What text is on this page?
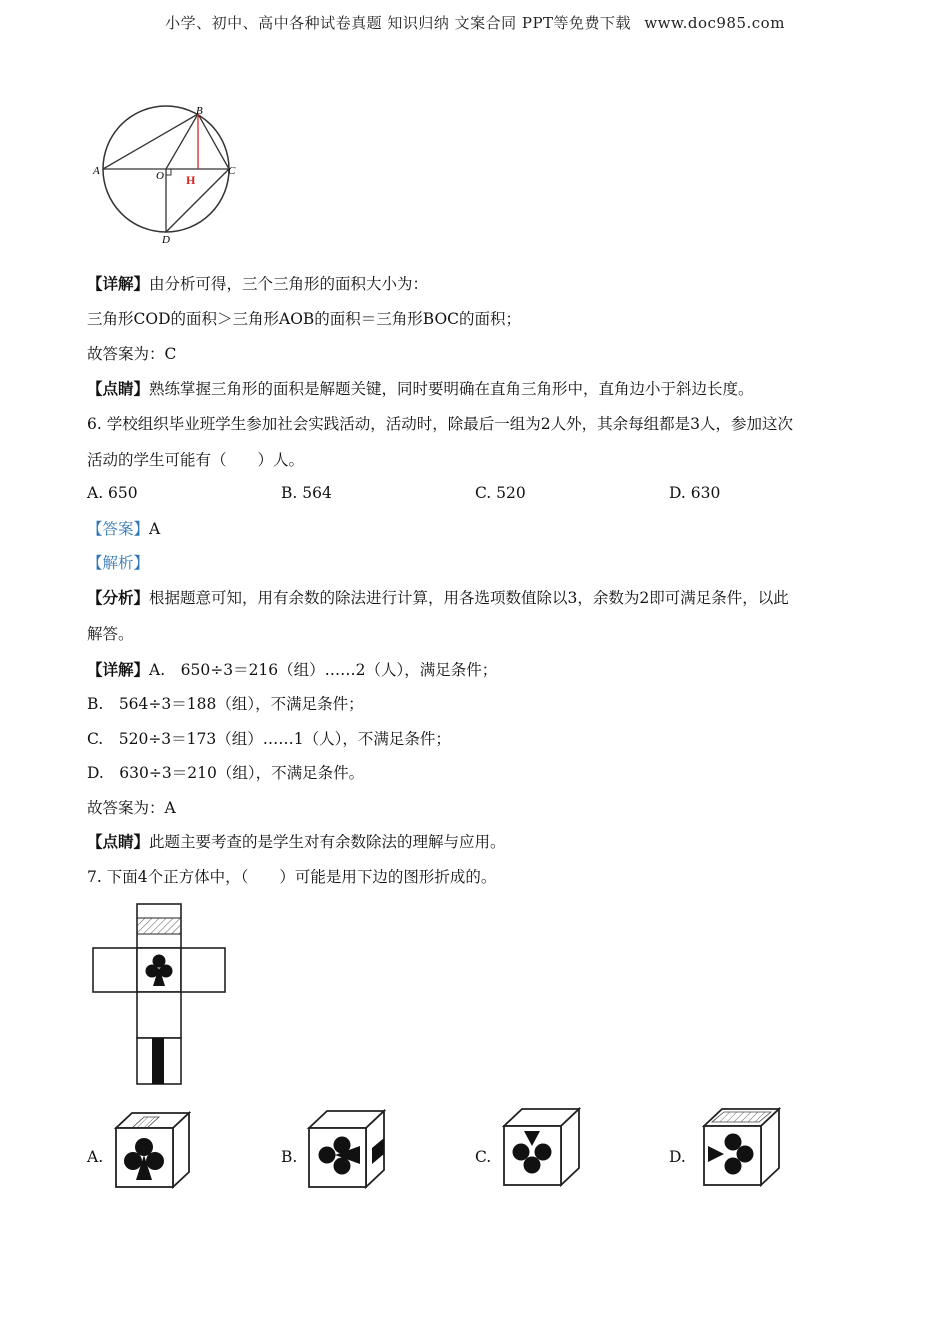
小学、初中、高中各种试卷真题 知识归纳 文案合同 PPT等免费下载 www.doc985.com
A
B
C
D
O H
【详解】由分析可得，三个三角形的面积大小为：
三角形COD的面积＞三角形AOB的面积＝三角形BOC的面积；
故答案为：C
【点睛】熟练掌握三角形的面积是解题关键，同时要明确在直角三角形中，直角边小于斜边长度。
6. 学校组织毕业班学生参加社会实践活动，活动时，除最后一组为2人外，其余每组都是3人，参加这次
活动的学生可能有（　　）人。
A. 650	B. 564	C. 520	D. 630
【答案】A
【解析】
【分析】根据题意可知，用有余数的除法进行计算，用各选项数值除以3，余数为2即可满足条件，以此
解答。
【详解】A.　650÷3＝216（组）……2（人），满足条件；
B.　564÷3＝188（组），不满足条件；
C.　520÷3＝173（组）……1（人），不满足条件；
D.　630÷3＝210（组），不满足条件。
故答案为：A
【点睛】此题主要考查的是学生对有余数除法的理解与应用。
7. 下面4个正方体中，（　　）可能是用下边的图形折成的。
A.	B.	C.	D.
